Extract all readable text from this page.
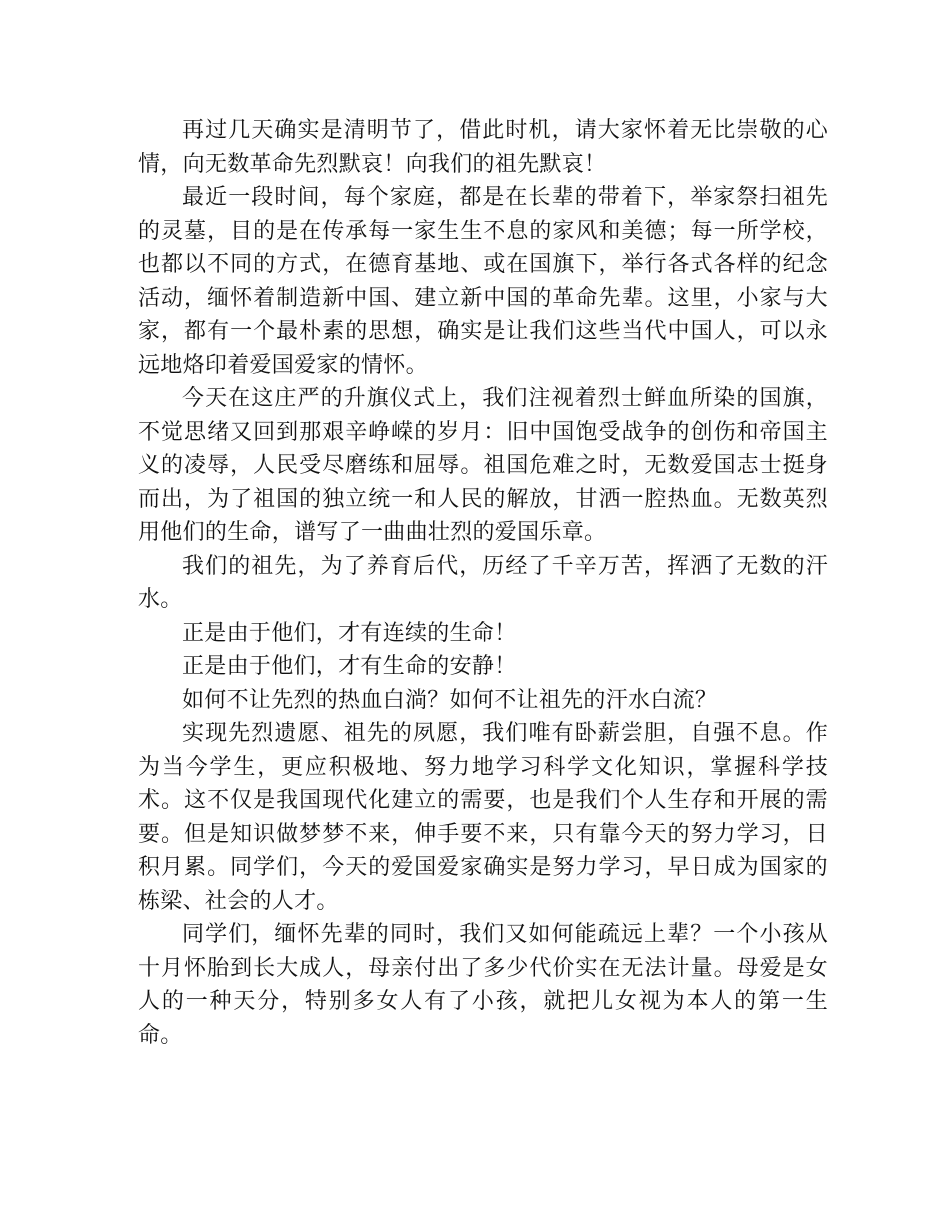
再过几天确实是清明节了，借此时机，请大家怀着无比崇敬的心情，向无数革命先烈默哀！向我们的祖先默哀！

最近一段时间，每个家庭，都是在长辈的带着下，举家祭扫祖先的灵墓，目的是在传承每一家生生不息的家风和美德；每一所学校，也都以不同的方式，在德育基地、或在国旗下，举行各式各样的纪念活动，缅怀着制造新中国、建立新中国的革命先辈。这里，小家与大家，都有一个最朴素的思想，确实是让我们这些当代中国人，可以永远地烙印着爱国爱家的情怀。

今天在这庄严的升旗仪式上，我们注视着烈士鲜血所染的国旗，不觉思绪又回到那艰辛峥嵘的岁月：旧中国饱受战争的创伤和帝国主义的凌辱，人民受尽磨练和屈辱。祖国危难之时，无数爱国志士挺身而出，为了祖国的独立统一和人民的解放，甘洒一腔热血。无数英烈用他们的生命，谱写了一曲曲壮烈的爱国乐章。

我们的祖先，为了养育后代，历经了千辛万苦，挥洒了无数的汗水。

正是由于他们，才有连续的生命！

正是由于他们，才有生命的安静！

如何不让先烈的热血白淌？如何不让祖先的汗水白流？

实现先烈遗愿、祖先的夙愿，我们唯有卧薪尝胆，自强不息。作为当今学生，更应积极地、努力地学习科学文化知识，掌握科学技术。这不仅是我国现代化建立的需要，也是我们个人生存和开展的需要。但是知识做梦梦不来，伸手要不来，只有靠今天的努力学习，日积月累。同学们，今天的爱国爱家确实是努力学习，早日成为国家的栋梁、社会的人才。

同学们，缅怀先辈的同时，我们又如何能疏远上辈？一个小孩从十月怀胎到长大成人，母亲付出了多少代价实在无法计量。母爱是女人的一种天分，特别多女人有了小孩，就把儿女视为本人的第一生命。
